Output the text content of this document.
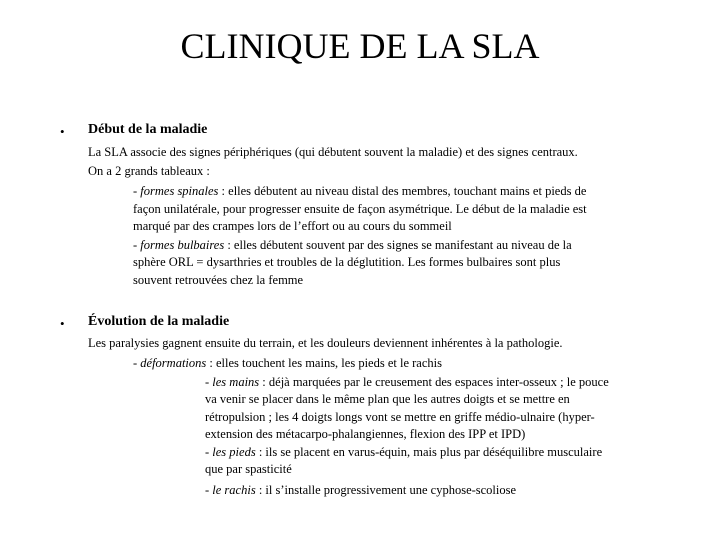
CLINIQUE DE LA SLA
• Début de la maladie
La SLA associe des signes périphériques (qui débutent souvent la maladie) et des signes centraux.
On a 2 grands tableaux :
- formes spinales : elles débutent au niveau distal des membres, touchant mains et pieds de
façon unilatérale, pour progresser ensuite de façon asymétrique. Le début de la maladie est
marqué par des crampes lors de l’effort ou au cours du sommeil
- formes bulbaires : elles débutent souvent par des signes se manifestant au niveau de la
sphère ORL = dysarthries et troubles de la déglutition. Les formes bulbaires sont plus
souvent retrouvées chez la femme
• Évolution de la maladie
Les paralysies gagnent ensuite du terrain, et les douleurs deviennent inhérentes à la pathologie.
- déformations : elles touchent les mains, les pieds et le rachis
- les mains : déjà marquées par le creusement des espaces inter-osseux ; le pouce
va venir se placer dans le même plan que les autres doigts et se mettre en
rétropulsion ; les 4 doigts longs vont se mettre en griffe médio-ulnaire (hyper-
extension des métacarpo-phalangiennes, flexion des IPP et IPD)
- les pieds : ils se placent en varus-équin, mais plus par déséquilibre musculaire
que par spasticité
- le rachis : il s’installe progressivement une cyphose-scoliose
